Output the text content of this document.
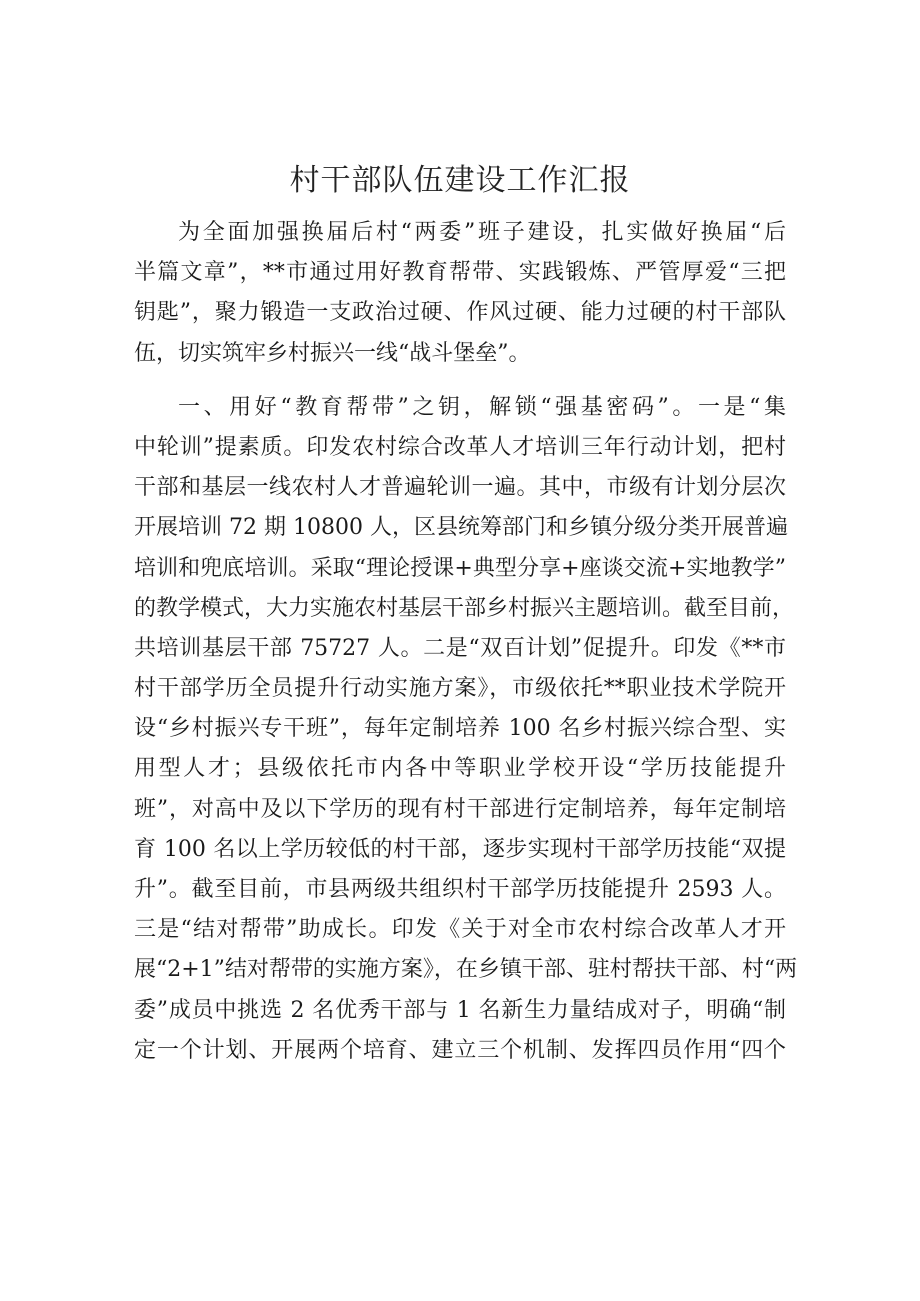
村干部队伍建设工作汇报
为全面加强换届后村“两委”班子建设，扎实做好换届“后
半篇文章”，**市通过用好教育帮带、实践锻炼、严管厚爱“三把
钥匙”，聚力锻造一支政治过硬、作风过硬、能力过硬的村干部队
伍，切实筑牢乡村振兴一线“战斗堡垒”。
一、用好“教育帮带”之钥，解锁“强基密码”。一是“集
中轮训”提素质。印发农村综合改革人才培训三年行动计划，把村
干部和基层一线农村人才普遍轮训一遍。其中，市级有计划分层次
开展培训 72 期 10800 人，区县统筹部门和乡镇分级分类开展普遍
培训和兜底培训。采取“理论授课+典型分享+座谈交流+实地教学”
的教学模式，大力实施农村基层干部乡村振兴主题培训。截至目前，
共培训基层干部 75727 人。二是“双百计划”促提升。印发《**市
村干部学历全员提升行动实施方案》，市级依托**职业技术学院开
设“乡村振兴专干班”，每年定制培养 100 名乡村振兴综合型、实
用型人才；县级依托市内各中等职业学校开设“学历技能提升
班”，对高中及以下学历的现有村干部进行定制培养，每年定制培
育 100 名以上学历较低的村干部，逐步实现村干部学历技能“双提
升”。截至目前，市县两级共组织村干部学历技能提升 2593 人。
三是“结对帮带”助成长。印发《关于对全市农村综合改革人才开
展“2+1”结对帮带的实施方案》，在乡镇干部、驻村帮扶干部、村“两
委”成员中挑选 2 名优秀干部与 1 名新生力量结成对子，明确“制
定一个计划、开展两个培育、建立三个机制、发挥四员作用“四个
